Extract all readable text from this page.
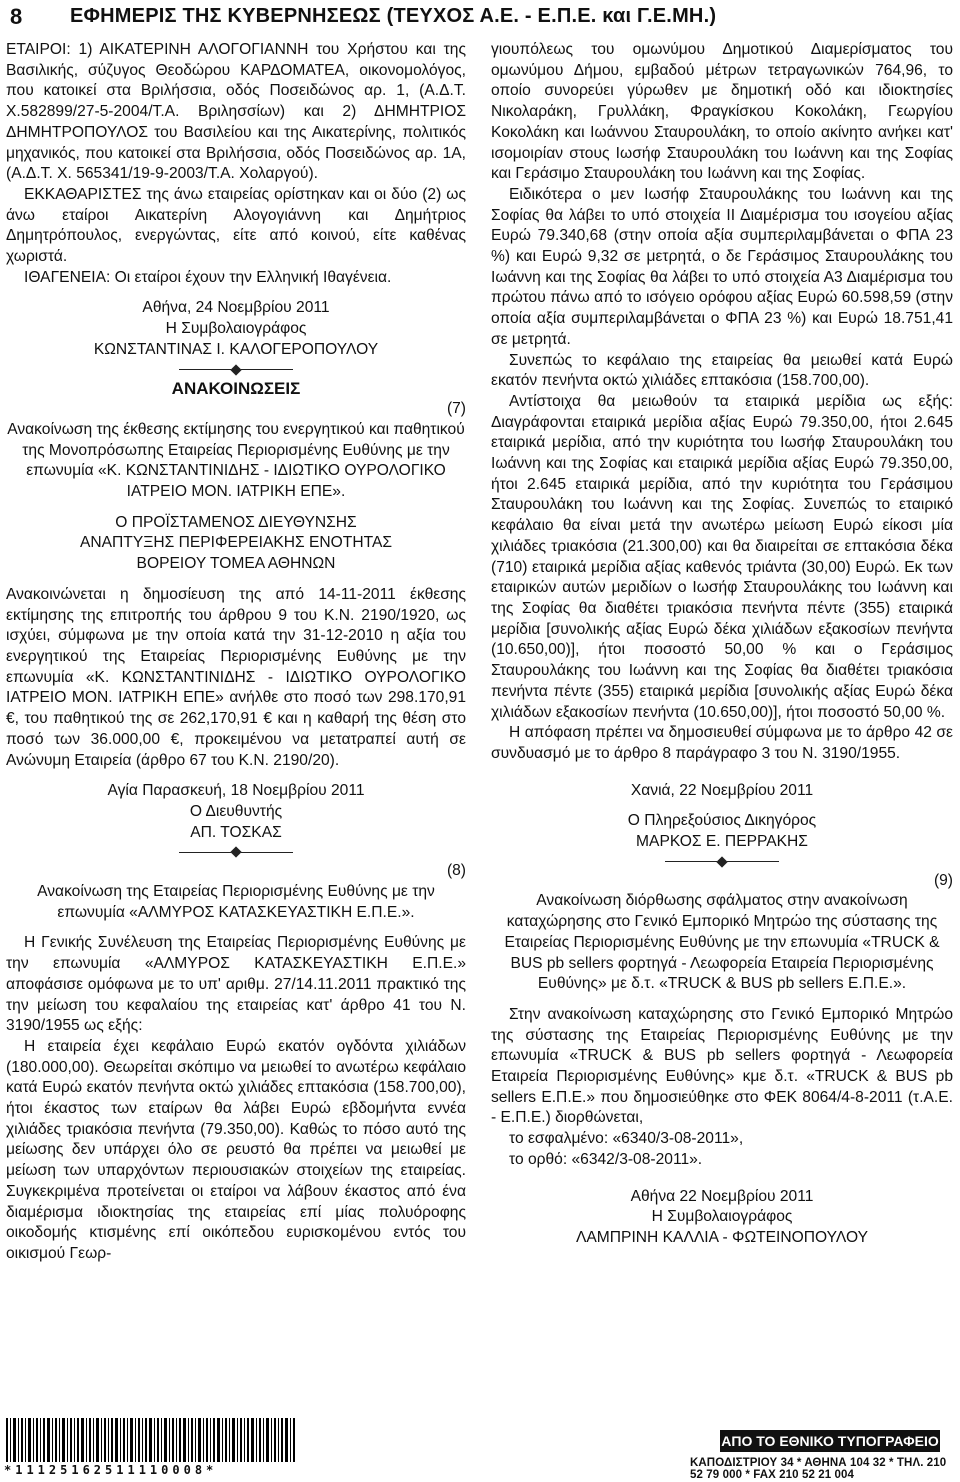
8 ΕΦΗΜΕΡΙΣ ΤΗΣ ΚΥΒΕΡΝΗΣΕΩΣ (ΤΕΥΧΟΣ Α.Ε. - Ε.Π.Ε. και Γ.Ε.ΜΗ.)

ΕΤΑΙΡΟΙ: 1) ΑΙΚΑΤΕΡΙΝΗ ΑΛΟΓΟΓΙΑΝΝΗ του Χρήστου και της Βασιλικής, σύζυγος Θεοδώρου ΚΑΡΔΟΜΑΤΕΑ, οικονομολόγος, που κατοικεί στα Βριλήσσια, οδός Ποσειδώνος αρ. 1, (Α.Δ.Τ. Χ.582899/27-5-2004/Τ.Α. Βριλησσίων) και 2) ΔΗΜΗΤΡΙΟΣ ΔΗΜΗΤΡΟΠΟΥΛΟΣ του Βασιλείου και της Αικατερίνης, πολιτικός μηχανικός, που κατοικεί στα Βριλήσσια, οδός Ποσειδώνος αρ. 1Α, (Α.Δ.Τ. Χ. 565341/19-9-2003/Τ.Α. Χολαργού).

ΕΚΚΑΘΑΡΙΣΤΕΣ της άνω εταιρείας ορίστηκαν και οι δύο (2) ως άνω εταίροι Αικατερίνη Αλογογιάννη και Δημήτριος Δημητρόπουλος, ενεργώντας, είτε από κοινού, είτε καθένας χωριστά.

ΙΘΑΓΕΝΕΙΑ: Οι εταίροι έχουν την Ελληνική Ιθαγένεια.

Αθήνα, 24 Νοεμβρίου 2011

Η Συμβολαιογράφος

ΚΩΝΣΤΑΝΤΙΝΑΣ Ι. ΚΑΛΟΓΕΡΟΠΟΥΛΟΥ

ΑΝΑΚΟΙΝΩΣΕΙΣ

(7)

Ανακοίνωση της έκθεσης εκτίμησης του ενεργητικού και παθητικού της Μονοπρόσωπης Εταιρείας Περιορισμένης Ευθύνης με την επωνυμία «Κ. ΚΩΝΣΤΑΝΤΙΝΙΔΗΣ - ΙΔΙΩΤΙΚΟ ΟΥΡΟΛΟΓΙΚΟ ΙΑΤΡΕΙΟ ΜΟΝ. ΙΑΤΡΙΚΗ ΕΠΕ».

Ο ΠΡΟΪΣΤΑΜΕΝΟΣ ΔΙΕΥΘΥΝΣΗΣ

ΑΝΑΠΤΥΞΗΣ ΠΕΡΙΦΕΡΕΙΑΚΗΣ ΕΝΟΤΗΤΑΣ

ΒΟΡΕΙΟΥ ΤΟΜΕΑ ΑΘΗΝΩΝ

Ανακοινώνεται η δημοσίευση της από 14-11-2011 έκθεσης εκτίμησης της επιτροπής του άρθρου 9 του Κ.Ν. 2190/1920, ως ισχύει, σύμφωνα με την οποία κατά την 31-12-2010 η αξία του ενεργητικού της Εταιρείας Περιορισμένης Ευθύνης με την επωνυμία «Κ. ΚΩΝΣΤΑΝΤΙΝΙΔΗΣ - ΙΔΙΩΤΙΚΟ ΟΥΡΟΛΟΓΙΚΟ ΙΑΤΡΕΙΟ ΜΟΝ. ΙΑΤΡΙΚΗ ΕΠΕ» ανήλθε στο ποσό των 298.170,91 €, του παθητικού της σε 262,170,91 € και η καθαρή της θέση στο ποσό των 36.000,00 €, προκειμένου να μετατραπεί αυτή σε Ανώνυμη Εταιρεία (άρθρο 67 του Κ.Ν. 2190/20).

Αγία Παρασκευή, 18 Νοεμβρίου 2011

Ο Διευθυντής

ΑΠ. ΤΟΣΚΑΣ

(8)

Ανακοίνωση της Εταιρείας Περιορισμένης Ευθύνης με την επωνυμία «ΑΛΜΥΡΟΣ ΚΑΤΑΣΚΕΥΑΣΤΙΚΗ Ε.Π.Ε.».

Η Γενικής Συνέλευση της Εταιρείας Περιορισμένης Ευθύνης με την επωνυμία «ΑΛΜΥΡΟΣ ΚΑΤΑΣΚΕΥΑΣΤΙΚΗ Ε.Π.Ε.» αποφάσισε ομόφωνα με το υπ' αριθμ. 27/14.11.2011 πρακτικό της την μείωση του κεφαλαίου της εταιρείας κατ' άρθρο 41 του Ν. 3190/1955 ως εξής:

Η εταιρεία έχει κεφάλαιο Ευρώ εκατόν ογδόντα χιλιάδων (180.000,00). Θεωρείται σκόπιμο να μειωθεί το ανωτέρω κεφάλαιο κατά Ευρώ εκατόν πενήντα οκτώ χιλιάδες επτακόσια (158.700,00), ήτοι έκαστος των εταίρων θα λάβει Ευρώ εβδομήντα εννέα χιλιάδες τριακόσια πενήντα (79.350,00). Καθώς το πόσο αυτό της μείωσης δεν υπάρχει όλο σε ρευστό θα πρέπει να μειωθεί με μείωση των υπαρχόντων περιουσιακών στοιχείων της εταιρείας. Συγκεκριμένα προτείνεται οι εταίροι να λάβουν έκαστος από ένα διαμέρισμα ιδιοκτησίας της εταιρείας επί μίας πολυόροφης οικοδομής κτισμένης επί οικόπεδου ευρισκομένου εντός του οικισμού Γεωρ-

γιουπόλεως του ομωνύμου Δημοτικού Διαμερίσματος του ομωνύμου Δήμου, εμβαδού μέτρων τετραγωνικών 764,96, το οποίο συνορεύει γύρωθεν με δημοτική οδό και ιδιοκτησίες Νικολαράκη, Γρυλλάκη, Φραγκίσκου Κοκολάκη, Γεωργίου Κοκολάκη και Ιωάννου Σταυρουλάκη, το οποίο ακίνητο ανήκει κατ' ισομοιρίαν στους Ιωσήφ Σταυρουλάκη του Ιωάννη και της Σοφίας και Γεράσιμο Σταυρουλάκη του Ιωάννη και της Σοφίας.

Ειδικότερα ο μεν Ιωσήφ Σταυρουλάκης του Ιωάννη και της Σοφίας θα λάβει το υπό στοιχεία ΙΙ Διαμέρισμα του ισογείου αξίας Ευρώ 79.340,68 (στην οποία αξία συμπεριλαμβάνεται ο ΦΠΑ 23 %) και Ευρώ 9,32 σε μετρητά, ο δε Γεράσιμος Σταυρουλάκης του Ιωάννη και της Σοφίας θα λάβει το υπό στοιχεία Α3 Διαμέρισμα του πρώτου πάνω από το ισόγειο ορόφου αξίας Ευρώ 60.598,59 (στην οποία αξία συμπεριλαμβάνεται ο ΦΠΑ 23 %) και Ευρώ 18.751,41 σε μετρητά.

Συνεπώς το κεφάλαιο της εταιρείας θα μειωθεί κατά Ευρώ εκατόν πενήντα οκτώ χιλιάδες επτακόσια (158.700,00).

Αντίστοιχα θα μειωθούν τα εταιρικά μερίδια ως εξής: Διαγράφονται εταιρικά μερίδια αξίας Ευρώ 79.350,00, ήτοι 2.645 εταιρικά μερίδια, από την κυριότητα του Ιωσήφ Σταυρουλάκη του Ιωάννη και της Σοφίας και εταιρικά μερίδια αξίας Ευρώ 79.350,00, ήτοι 2.645 εταιρικά μερίδια, από την κυριότητα του Γεράσιμου Σταυρουλάκη του Ιωάννη και της Σοφίας. Συνεπώς το εταιρικό κεφάλαιο θα είναι μετά την ανωτέρω μείωση Ευρώ είκοσι μία χιλιάδες τριακόσια (21.300,00) και θα διαιρείται σε επτακόσια δέκα (710) εταιρικά μερίδια αξίας καθενός τριάντα (30,00) Ευρώ. Εκ των εταιρικών αυτών μεριδίων ο Ιωσήφ Σταυρουλάκης του Ιωάννη και της Σοφίας θα διαθέτει τριακόσια πενήντα πέντε (355) εταιρικά μερίδια [συνολικής αξίας Ευρώ δέκα χιλιάδων εξακοσίων πενήντα (10.650,00)], ήτοι ποσοστό 50,00 % και ο Γεράσιμος Σταυρουλάκης του Ιωάννη και της Σοφίας θα διαθέτει τριακόσια πενήντα πέντε (355) εταιρικά μερίδια [συνολικής αξίας Ευρώ δέκα χιλιάδων εξακοσίων πενήντα (10.650,00)], ήτοι ποσοστό 50,00 %.

Η απόφαση πρέπει να δημοσιευθεί σύμφωνα με το άρθρο 42 σε συνδυασμό με το άρθρο 8 παράγραφο 3 του Ν. 3190/1955.

Χανιά, 22 Νοεμβρίου 2011

Ο Πληρεξούσιος Δικηγόρος

ΜΑΡΚΟΣ Ε. ΠΕΡΡΑΚΗΣ

(9)

Ανακοίνωση διόρθωσης σφάλματος στην ανακοίνωση καταχώρησης στο Γενικό Εμπορικό Μητρώο της σύστασης της Εταιρείας Περιορισμένης Ευθύνης με την επωνυμία «TRUCK & BUS pb sellers φορτηγά - Λεωφορεία Εταιρεία Περιορισμένης Ευθύνης» με δ.τ. «TRUCK & BUS pb sellers Ε.Π.Ε.».

Στην ανακοίνωση καταχώρησης στο Γενικό Εμπορικό Μητρώο της σύστασης της Εταιρείας Περιορισμένης Ευθύνης με την επωνυμία «TRUCK & BUS pb sellers φορτηγά - Λεωφορεία Εταιρεία Περιορισμένης Ευθύνης» κμε δ.τ. «TRUCK & BUS pb sellers Ε.Π.Ε.» που δημοσιεύθηκε στο ΦΕΚ 8064/4-8-2011 (τ.Α.Ε. - Ε.Π.Ε.) διορθώνεται,

το εσφαλμένο: «6340/3-08-2011»,

το ορθό: «6342/3-08-2011».

Αθήνα 22 Νοεμβρίου 2011

Η Συμβολαιογράφος

ΛΑΜΠΡΙΝΗ ΚΑΛΛΙΑ - ΦΩΤΕΙΝΟΠΟΥΛΟΥ

*11125162511110008*
ΑΠΟ ΤΟ ΕΘΝΙΚΟ ΤΥΠΟΓΡΑΦΕΙΟ
ΚΑΠΟΔΙΣΤΡΙΟΥ 34 * ΑΘΗΝΑ 104 32 * ΤΗΛ. 210 52 79 000 * FAX 210 52 21 004
